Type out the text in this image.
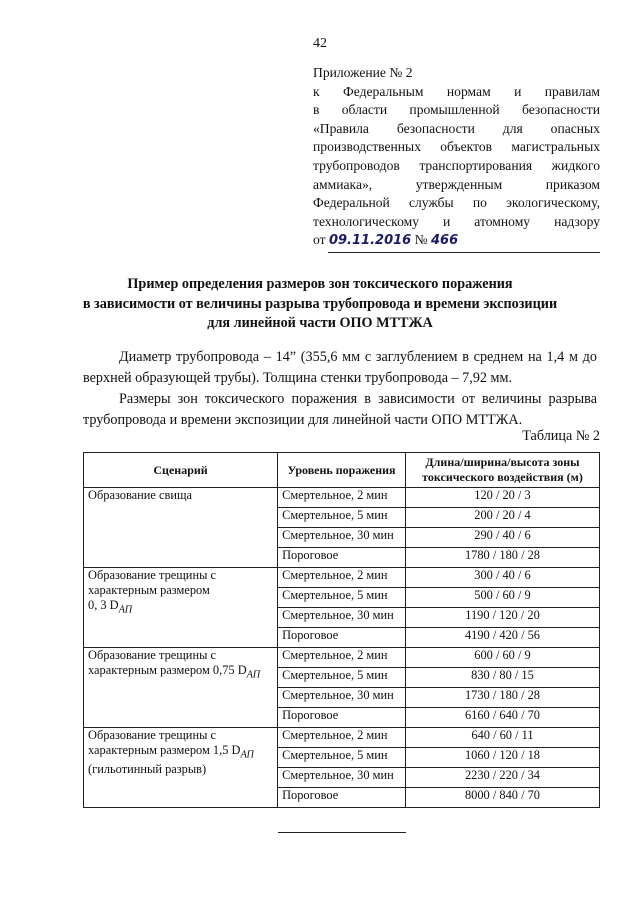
42
Приложение № 2
к Федеральным нормам и правилам
в области промышленной безопасности
«Правила безопасности для опасных
производственных объектов магистральных
трубопроводов транспортирования жидкого
аммиака», утвержденным приказом
Федеральной службы по экологическому,
технологическому и атомному надзору
от
09.11.2016
№
466
Пример определения размеров зон токсического поражения
в зависимости от величины разрыва трубопровода и времени экспозиции
для линейной части ОПО МТТЖА
Диаметр трубопровода – 14” (355,6 мм с заглублением в среднем на 1,4 м до верхней образующей трубы). Толщина стенки трубопровода – 7,92 мм.
Размеры зон токсического поражения в зависимости от величины разрыва трубопровода и времени экспозиции для линейной части ОПО МТТЖА.
Таблица № 2
Сценарий	Уровень поражения	Длина/ширина/высота зоны токсического воздействия (м)
Образование свища	Смертельное, 2 мин	120 / 20 / 3
	Смертельное, 5 мин	200 / 20 / 4
	Смертельное, 30 мин	290 / 40 / 6
	Пороговое	1780 / 180 / 28
Образование трещины с
характерным размером
0, 3 $D_{АП}$	Смертельное, 2 мин	300 / 40 / 6
	Смертельное, 5 мин	500 / 60 / 9
	Смертельное, 30 мин	1190 / 120 / 20
	Пороговое	4190 / 420 / 56
Образование трещины с
характерным размером 0,75 $D_{АП}$	Смертельное, 2 мин	600 / 60 / 9
	Смертельное, 5 мин	830 / 80 / 15
	Смертельное, 30 мин	1730 / 180 / 28
	Пороговое	6160 / 640 / 70
Образование трещины с
характерным размером 1,5 $D_{АП}$
(гильотинный разрыв)	Смертельное, 2 мин	640 / 60 / 11
	Смертельное, 5 мин	1060 / 120 / 18
	Смертельное, 30 мин	2230 / 220 / 34
	Пороговое	8000 / 840 / 70
